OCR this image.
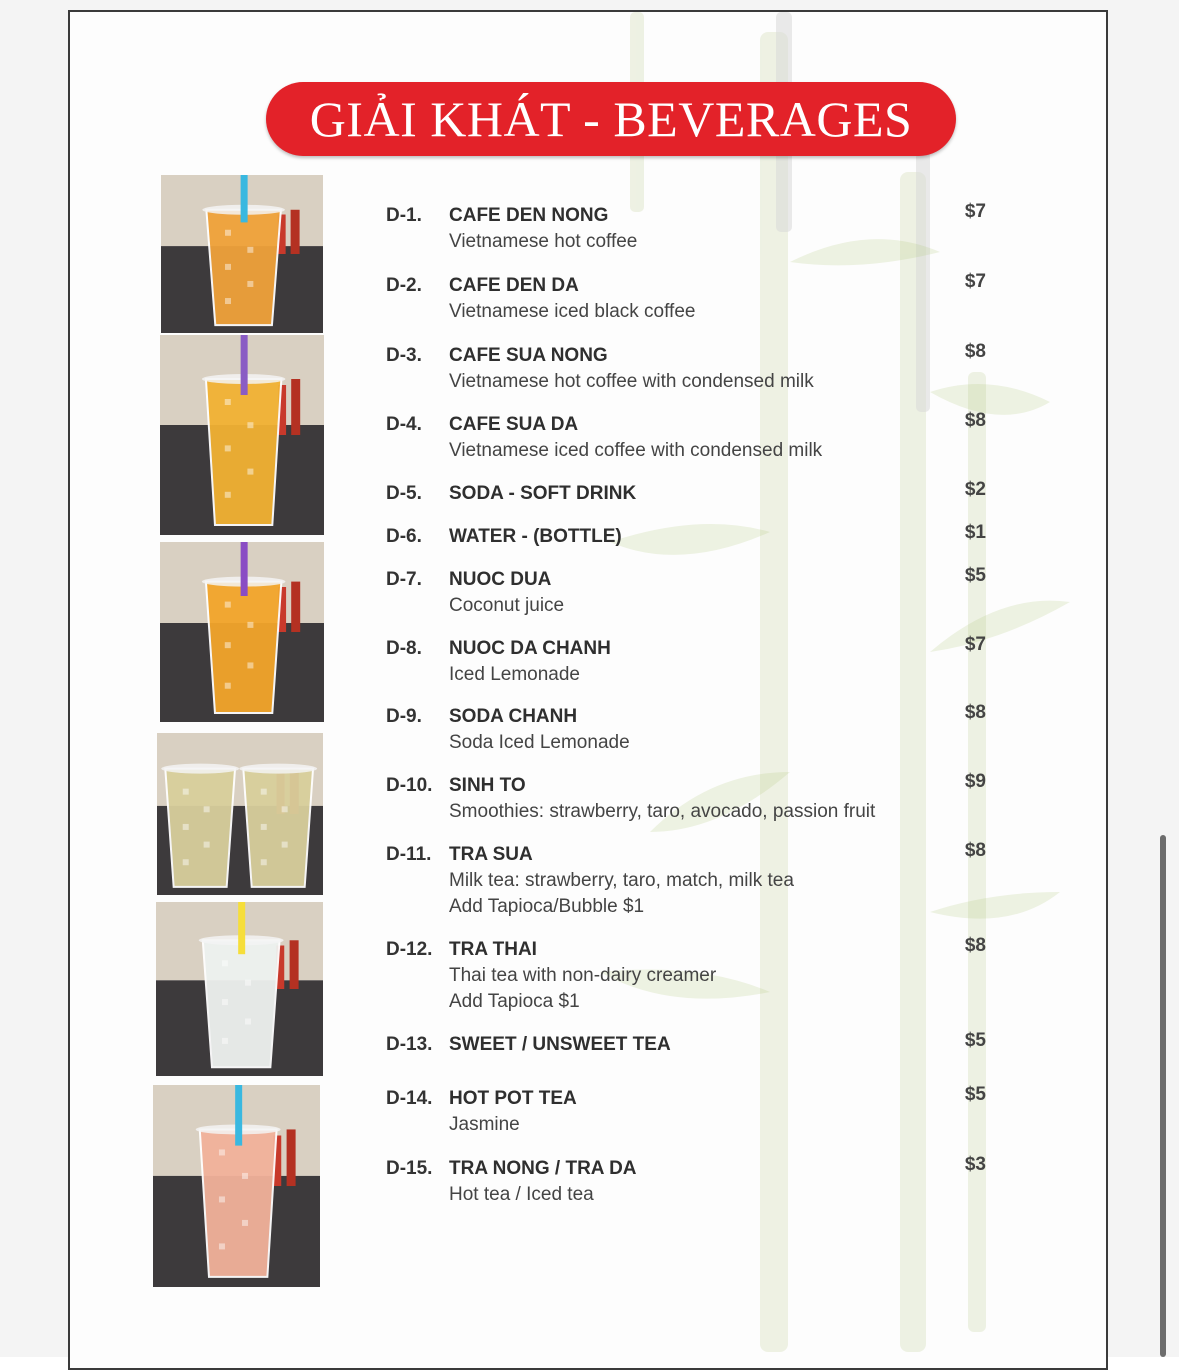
GIẢI KHÁT - BEVERAGES
D-1. CAFE DEN NONG
Vietnamese hot coffee
$7
D-2. CAFE DEN DA
Vietnamese iced black coffee
$7
D-3. CAFE SUA NONG
Vietnamese hot coffee with condensed milk
$8
D-4. CAFE SUA DA
Vietnamese iced coffee with condensed milk
$8
D-5. SODA - SOFT DRINK	$2
D-6. WATER - (BOTTLE)	$1
D-7. NUOC DUA
Coconut juice
$5
D-8. NUOC DA CHANH
Iced Lemonade
$7
D-9. SODA CHANH
Soda Iced Lemonade
$8
D-10. SINH TO
Smoothies: strawberry, taro, avocado, passion fruit
$9
D-11. TRA SUA
Milk tea: strawberry, taro, match, milk tea
Add Tapioca/Bubble $1
$8
D-12. TRA THAI
Thai tea with non-dairy creamer
Add Tapioca $1
$8
D-13. SWEET / UNSWEET TEA	$5
D-14. HOT POT TEA
Jasmine
$5
D-15. TRA NONG / TRA DA
Hot tea / Iced tea
$3
